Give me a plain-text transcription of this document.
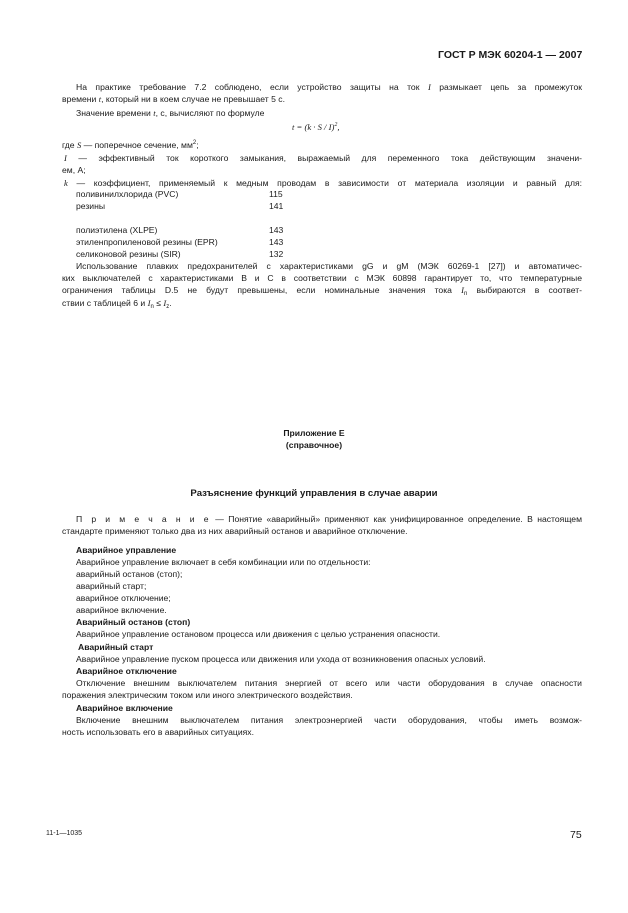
ГОСТ Р МЭК 60204-1 — 2007
На практике требование 7.2 соблюдено, если устройство защиты на ток I размыкает цепь за промежуток
времени t, который ни в коем случае не превышает 5 с.
Значение времени t, с, вычисляют по формуле
$t = (k \cdot S / I)^2$,
где S — поперечное сечение, $мм^2$;
I — эффективный ток короткого замыкания, выражаемый для переменного тока действующим значени-
ем, А;
k — коэффициент, применяемый к медным проводам в зависимости от материала изоляции и равный для:
поливинилхлорида (PVC)	115
резины	141
полиэтилена (XLPE)	143
этиленпропиленовой резины (EPR)	143
селиконовой резины (SIR)	132
Использование плавких предохранителей с характеристиками gG и gM (МЭК 60269-1 [27]) и автоматичес-
ких выключателей с характеристиками В и С в соответствии с МЭК 60898 гарантирует то, что температурные
ограничения таблицы D.5 не будут превышены, если номинальные значения тока $I_n$ выбираются в соответ-
ствии с таблицей 6 и $I_n \le I_z$.
Приложение Е
(справочное)
Разъяснение функций управления в случае аварии
П р и м е ч а н и е — Понятие «аварийный» применяют как унифицированное определение. В настоящем
стандарте применяют только два из них аварийный останов и аварийное отключение.
Аварийное управление
Аварийное управление включает в себя комбинации или по отдельности:
аварийный останов (стоп);
аварийный старт;
аварийное отключение;
аварийное включение.
Аварийный останов (стоп)
Аварийное управление остановом процесса или движения с целью устранения опасности.
Аварийный старт
Аварийное управление пуском процесса или движения или ухода от возникновения опасных условий.
Аварийное отключение
Отключение внешним выключателем питания энергией от всего или части оборудования в случае опасности
поражения электрическим током или иного электрического воздействия.
Аварийное включение
Включение внешним выключателем питания электроэнергией части оборудования, чтобы иметь возмож-
ность использовать его в аварийных ситуациях.
11-1—1035	75
